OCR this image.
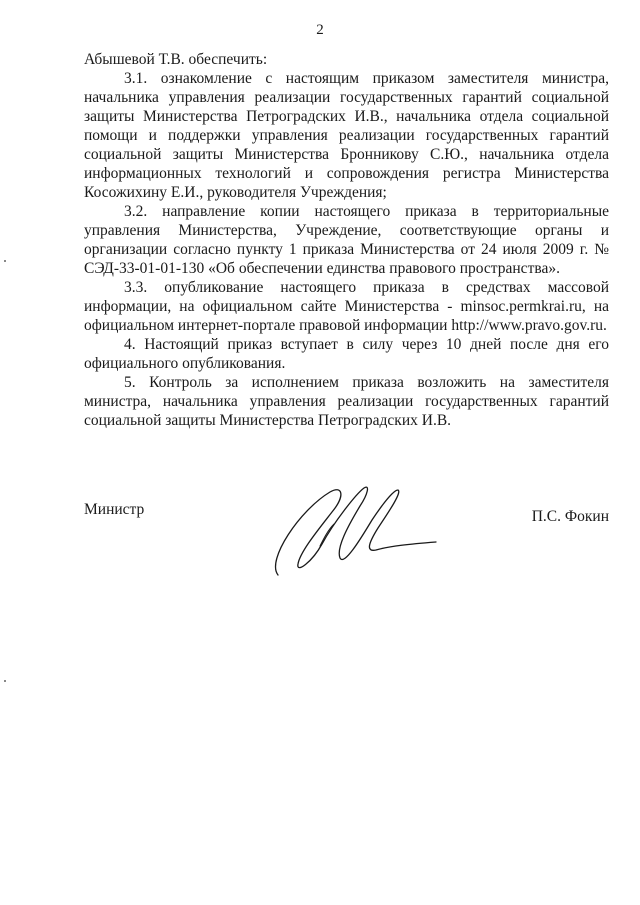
2

Абышевой Т.В. обеспечить:

3.1. ознакомление с настоящим приказом заместителя министра, начальника управления реализации государственных гарантий социальной защиты Министерства Петроградских И.В., начальника отдела социальной помощи и поддержки управления реализации государственных гарантий социальной защиты Министерства Бронникову С.Ю., начальника отдела информационных технологий и сопровождения регистра Министерства Косожихину Е.И., руководителя Учреждения;

3.2. направление копии настоящего приказа в территориальные управления Министерства, Учреждение, соответствующие органы и организации согласно пункту 1 приказа Министерства от 24 июля 2009 г. № СЭД-33-01-01-130 «Об обеспечении единства правового пространства».

3.3. опубликование настоящего приказа в средствах массовой информации, на официальном сайте Министерства - minsoc.permkrai.ru, на официальном интернет-портале правовой информации http://www.pravo.gov.ru.

4. Настоящий приказ вступает в силу через 10 дней после дня его официального опубликования.

5. Контроль за исполнением приказа возложить на заместителя министра, начальника управления реализации государственных гарантий социальной защиты Министерства Петроградских И.В.

Министр	П.С. Фокин
